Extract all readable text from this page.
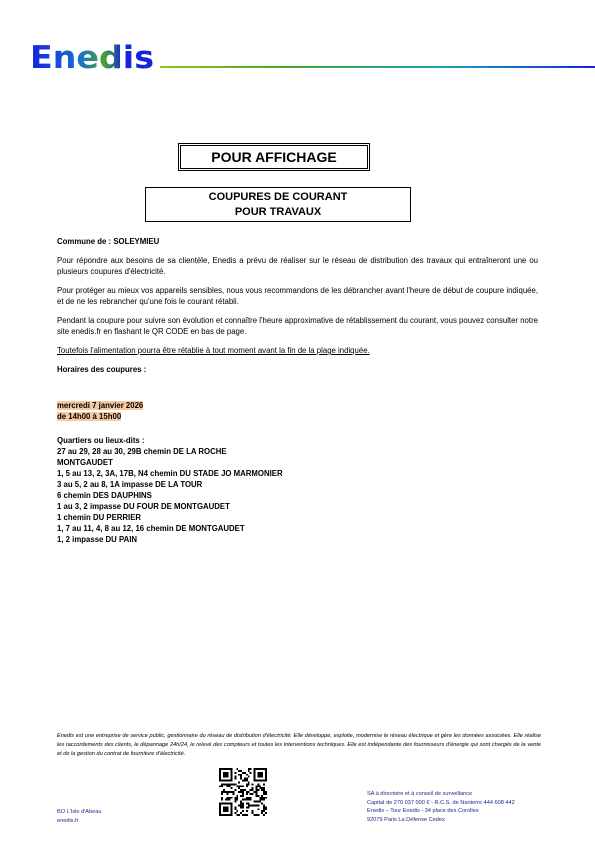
Enedis
POUR AFFICHAGE
COUPURES DE COURANT
POUR TRAVAUX

Commune de : SOLEYMIEU

Pour répondre aux besoins de sa clientèle, Enedis a prévu de réaliser sur le réseau de distribution des travaux qui entraîneront une ou plusieurs coupures d'électricité.

Pour protéger au mieux vos appareils sensibles, nous vous recommandons de les débrancher avant l'heure de début de coupure indiquée, et de ne les rebrancher qu'une fois le courant rétabli.

Pendant la coupure pour suivre son évolution et connaître l'heure approximative de rétablissement du courant, vous pouvez consulter notre site enedis.fr en flashant le QR CODE en bas de page.

Toutefois l'alimentation pourra être rétablie à tout moment avant la fin de la plage indiquée.

Horaires des coupures :

mercredi 7 janvier 2026

de 14h00 à 15h00

Quartiers ou lieux-dits :

27 au 29, 28 au 30, 29B chemin DE LA ROCHE

MONTGAUDET

1, 5 au 13, 2, 3A, 17B, N4 chemin DU STADE JO MARMONIER

3 au 5, 2 au 8, 1A impasse DE LA TOUR

6 chemin DES DAUPHINS

1 au 3, 2 impasse DU FOUR DE MONTGAUDET

1 chemin DU PERRIER

1, 7 au 11, 4, 8 au 12, 16 chemin DE MONTGAUDET

1, 2 impasse DU PAIN

Enedis est une entreprise de service public, gestionnaire du réseau de distribution d'électricité. Elle développe, exploite, modernise le réseau électrique et gère les données associées. Elle réalise les raccordements des clients, le dépannage 24h/24, le relevé des compteurs et toutes les interventions techniques. Elle est indépendante des fournisseurs d'énergie qui sont chargés de la vente et de la gestion du contrat de fourniture d'électricité.

BO L'Isle d'Abeau
enedis.fr
SA à directoire et à conseil de surveillance
Capital de 270 037 000 € - R.C.S. de Nanterre 444 608 442
Enedis – Tour Enedis - 34 place des Corolles
92079 Paris La Défense Cedex
